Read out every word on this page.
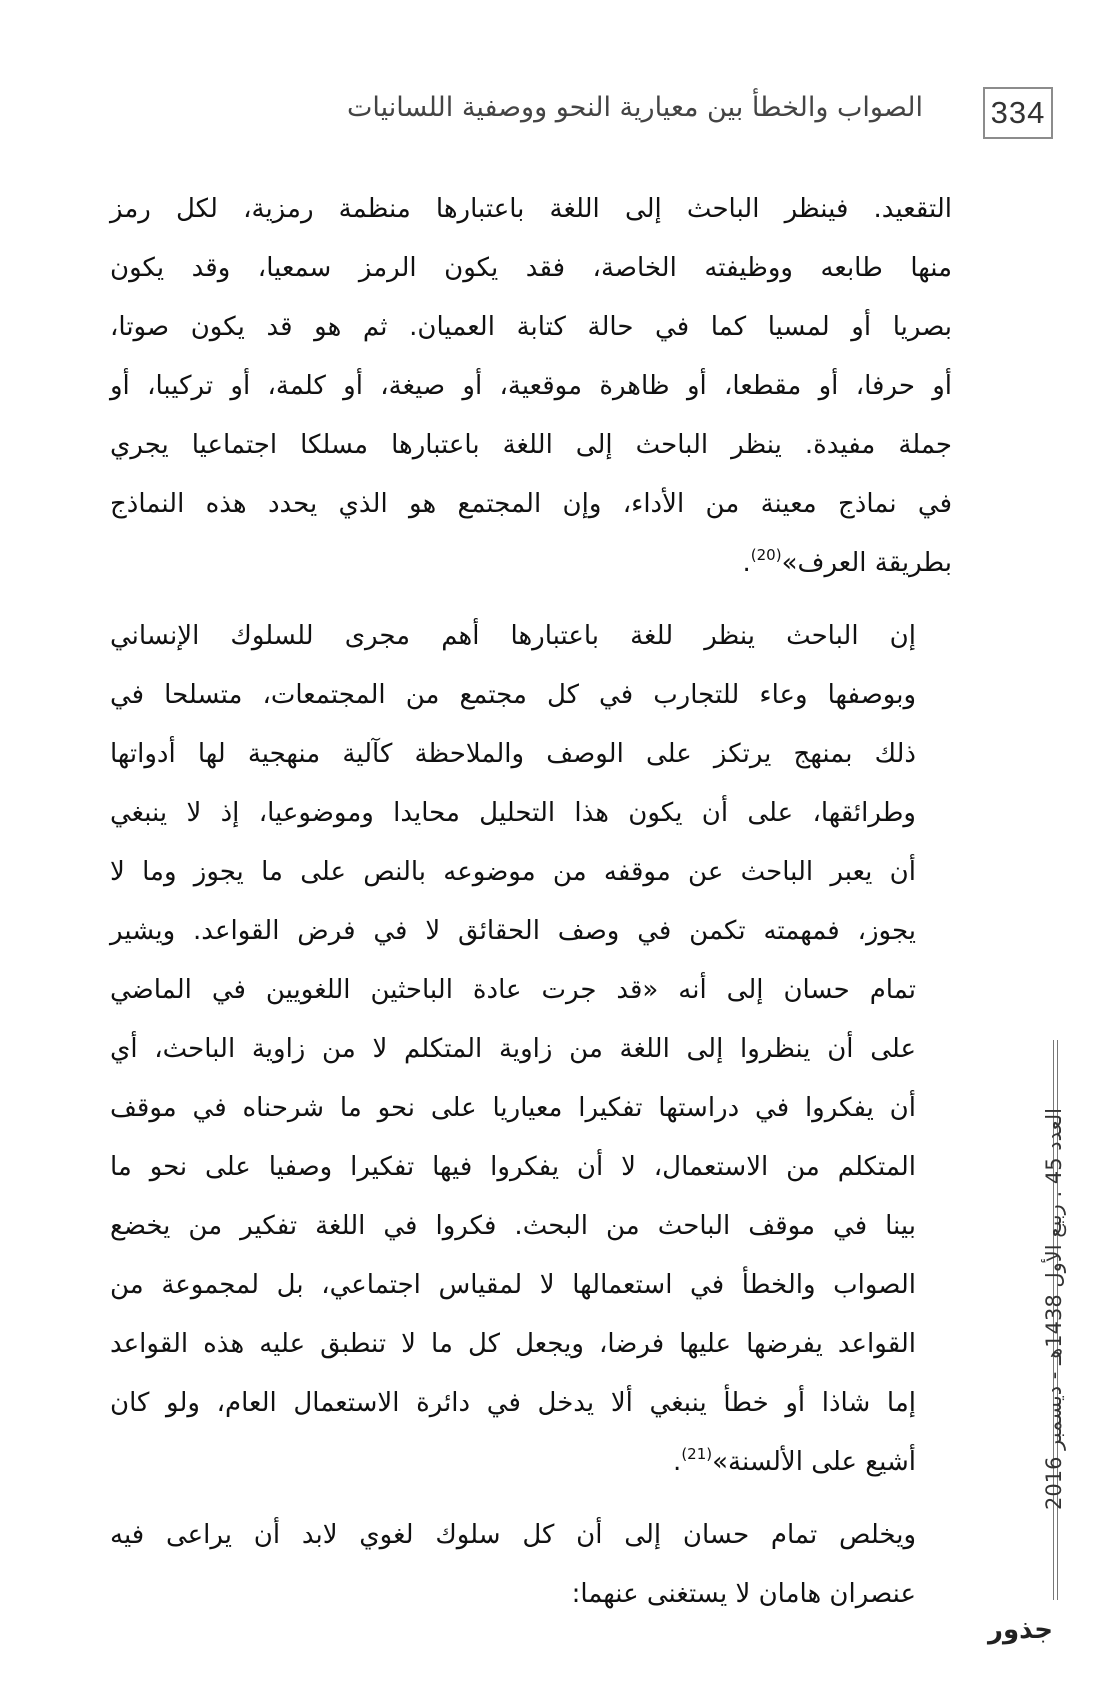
334
الصواب والخطأ بين معيارية النحو ووصفية اللسانيات

التقعيد. فينظر الباحث إلى اللغة باعتبارها منظمة رمزية، لكل رمز
منها طابعه ووظيفته الخاصة، فقد يكون الرمز سمعيا، وقد يكون
بصريا أو لمسيا كما في حالة كتابة العميان. ثم هو قد يكون صوتا،
أو حرفا، أو مقطعا، أو ظاهرة موقعية، أو صيغة، أو كلمة، أو تركيبا، أو
جملة مفيدة. ينظر الباحث إلى اللغة باعتبارها مسلكا اجتماعيا يجري
في نماذج معينة من الأداء، وإن المجتمع هو الذي يحدد هذه النماذج
بطريقة العرف»$^{(20)}$.

إن الباحث ينظر للغة باعتبارها أهم مجرى للسلوك الإنساني
وبوصفها وعاء للتجارب في كل مجتمع من المجتمعات، متسلحا في
ذلك بمنهج يرتكز على الوصف والملاحظة كآلية منهجية لها أدواتها
وطرائقها، على أن يكون هذا التحليل محايدا وموضوعيا، إذ لا ينبغي
أن يعبر الباحث عن موقفه من موضوعه بالنص على ما يجوز وما لا
يجوز، فمهمته تكمن في وصف الحقائق لا في فرض القواعد. ويشير
تمام حسان إلى أنه «قد جرت عادة الباحثين اللغويين في الماضي
على أن ينظروا إلى اللغة من زاوية المتكلم لا من زاوية الباحث، أي
أن يفكروا في دراستها تفكيرا معياريا على نحو ما شرحناه في موقف
المتكلم من الاستعمال، لا أن يفكروا فيها تفكيرا وصفيا على نحو ما
بينا في موقف الباحث من البحث. فكروا في اللغة تفكير من يخضع
الصواب والخطأ في استعمالها لا لمقياس اجتماعي، بل لمجموعة من
القواعد يفرضها عليها فرضا، ويجعل كل ما لا تنطبق عليه هذه القواعد
إما شاذا أو خطأ ينبغي ألا يدخل في دائرة الاستعمال العام، ولو كان
أشيع على الألسنة»$^{(21)}$.

ويخلص تمام حسان إلى أن كل سلوك لغوي لابد أن يراعى فيه
عنصران هامان لا يستغنى عنهما:

العدد 45 . ربيع الأول 1438هـ - ديسمبر 2016
جذور
